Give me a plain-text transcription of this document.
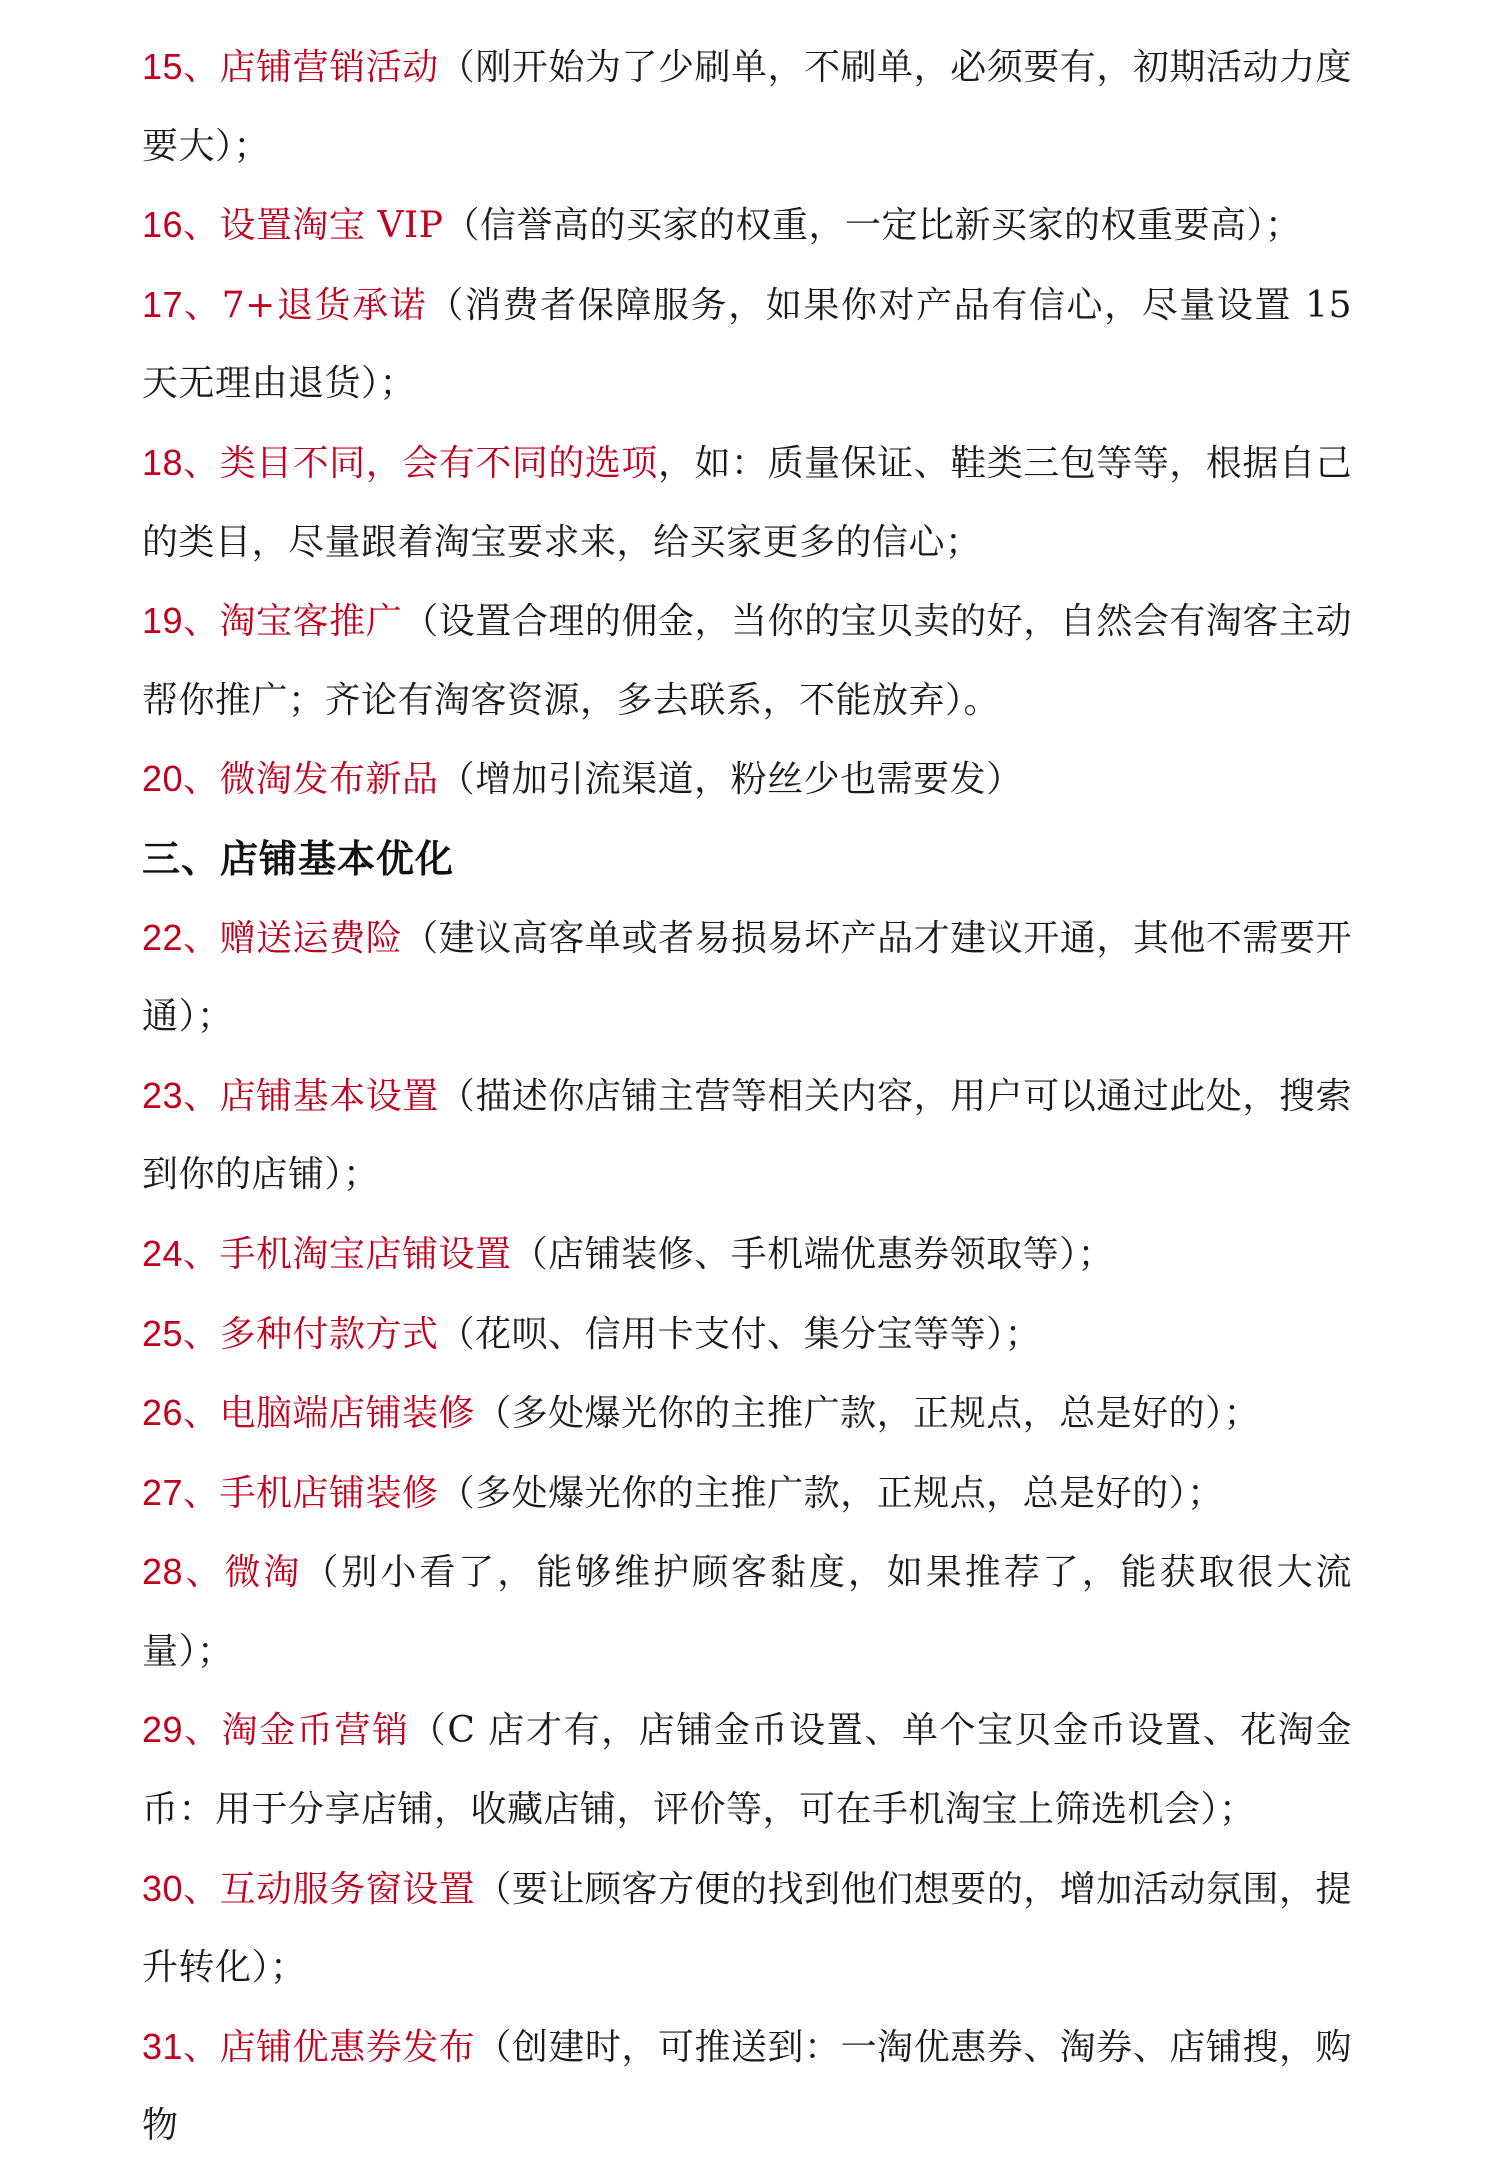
15、店铺营销活动（刚开始为了少刷单，不刷单，必须要有，初期活动力度要大）；

16、设置淘宝 VIP（信誉高的买家的权重，一定比新买家的权重要高）；

17、7+退货承诺（消费者保障服务，如果你对产品有信心，尽量设置 15 天无理由退货）；

18、类目不同，会有不同的选项，如：质量保证、鞋类三包等等，根据自己的类目，尽量跟着淘宝要求来，给买家更多的信心；

19、淘宝客推广（设置合理的佣金，当你的宝贝卖的好，自然会有淘客主动帮你推广；齐论有淘客资源，多去联系，不能放弃）。

20、微淘发布新品（增加引流渠道，粉丝少也需要发）

三、店铺基本优化

22、赠送运费险（建议高客单或者易损易坏产品才建议开通，其他不需要开通）；

23、店铺基本设置（描述你店铺主营等相关内容，用户可以通过此处，搜索到你的店铺）；

24、手机淘宝店铺设置（店铺装修、手机端优惠券领取等）；

25、多种付款方式（花呗、信用卡支付、集分宝等等）；

26、电脑端店铺装修（多处爆光你的主推广款，正规点，总是好的）；

27、手机店铺装修（多处爆光你的主推广款，正规点，总是好的）；

28、微淘（别小看了，能够维护顾客黏度，如果推荐了，能获取很大流量）；

29、淘金币营销（C 店才有，店铺金币设置、单个宝贝金币设置、花淘金币：用于分享店铺，收藏店铺，评价等，可在手机淘宝上筛选机会）；

30、互动服务窗设置（要让顾客方便的找到他们想要的，增加活动氛围，提升转化）；

31、店铺优惠券发布（创建时，可推送到：一淘优惠券、淘券、店铺搜，购物
